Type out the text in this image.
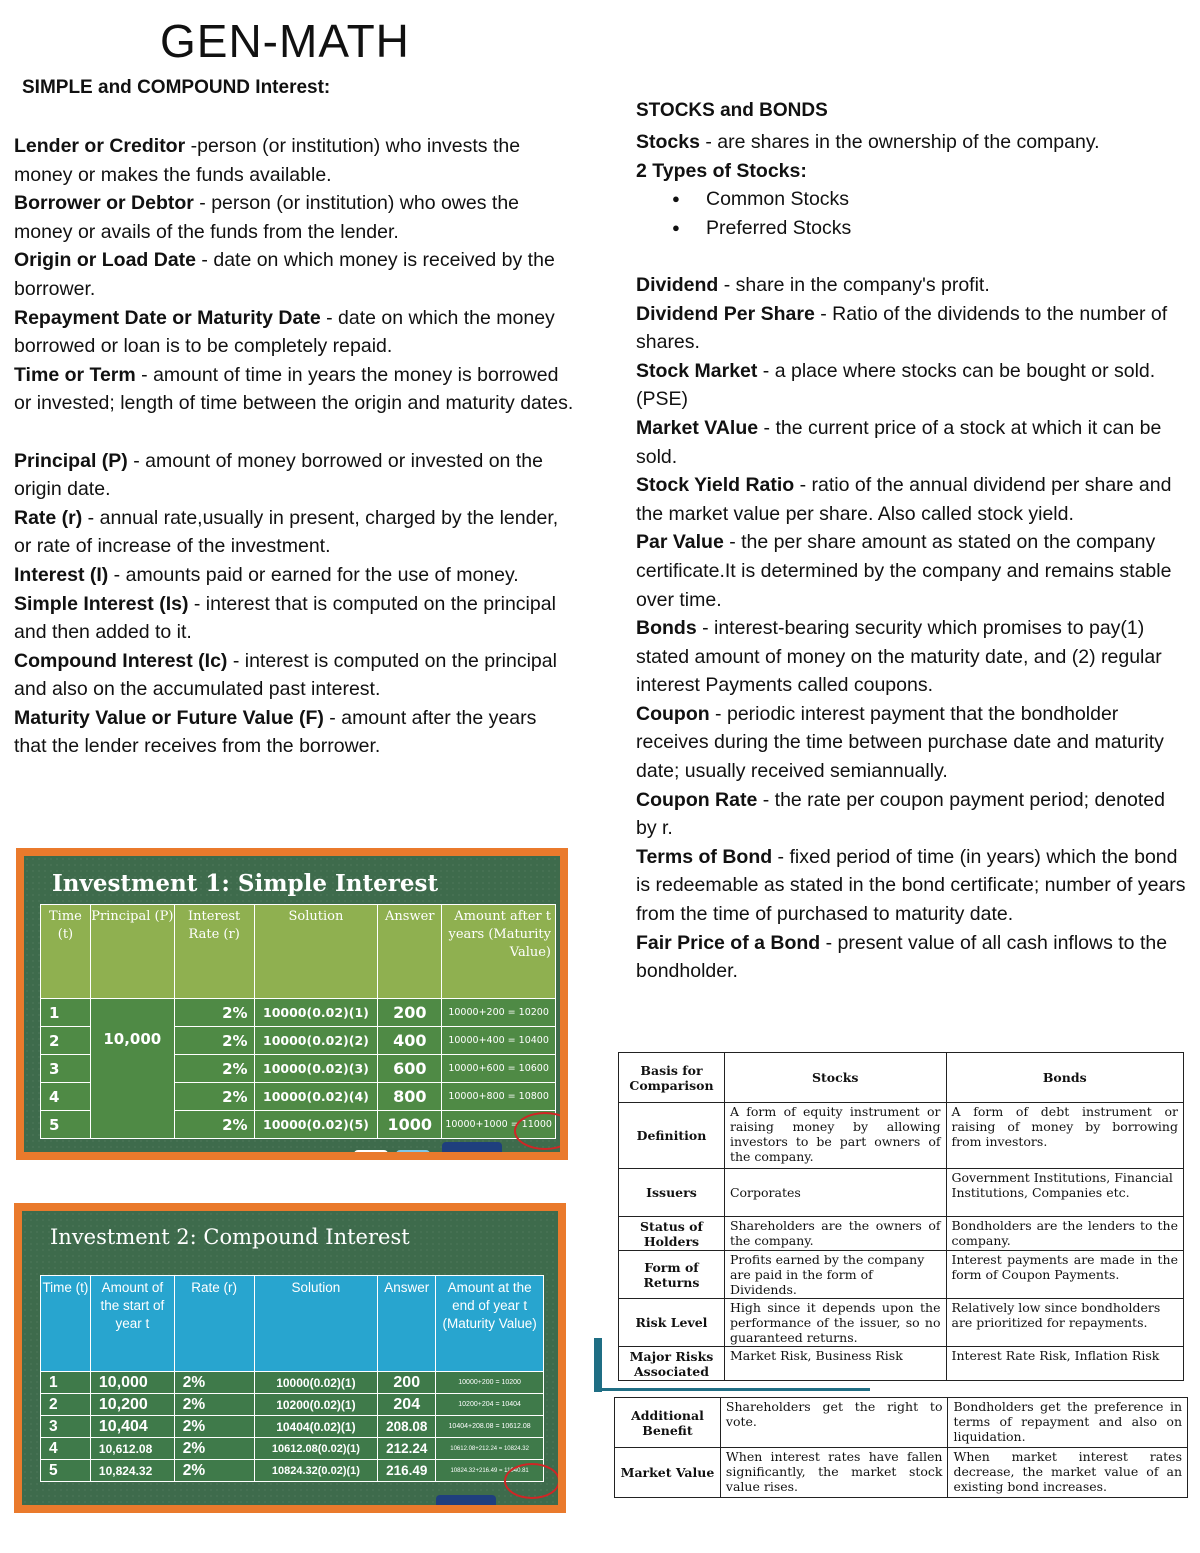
GEN-MATH
SIMPLE and COMPOUND Interest:
Lender or Creditor -person (or institution) who invests the money or makes the funds available.
Borrower or Debtor - person (or institution) who owes the money or avails of the funds from the lender.
Origin or Load Date - date on which money is received by the borrower.
Repayment Date or Maturity Date - date on which the money borrowed or loan is to be completely repaid.
Time or Term - amount of time in years the money is borrowed or invested; length of time between the origin and maturity dates.
Principal (P) - amount of money borrowed or invested on the origin date.
Rate (r) - annual rate,usually in present, charged by the lender, or rate of increase of the investment.
Interest (I) - amounts paid or earned for the use of money.
Simple Interest (Is) - interest that is computed on the principal and then added to it.
Compound Interest (Ic) - interest is computed on the principal and also on the accumulated past interest.
Maturity Value or Future Value (F) - amount after the years that the lender receives from the borrower.
STOCKS and BONDS
Stocks - are shares in the ownership of the company.
2 Types of Stocks:
● Common Stocks
● Preferred Stocks
Dividend - share in the company's profit.
Dividend Per Share - Ratio of the dividends to the number of shares.
Stock Market - a place where stocks can be bought or sold.(PSE)
Market VAlue - the current price of a stock at which it can be sold.
Stock Yield Ratio - ratio of the annual dividend per share and the market value per share. Also called stock yield.
Par Value - the per share amount as stated on the company certificate.It is determined by the company and remains stable over time.
Bonds - interest-bearing security which promises to pay(1) stated amount of money on the maturity date, and (2) regular interest Payments called coupons.
Coupon - periodic interest payment that the bondholder receives during the time between purchase date and maturity date; usually received semiannually.
Coupon Rate - the rate per coupon payment period; denoted by r.
Terms of Bond - fixed period of time (in years) which the bond is redeemable as stated in the bond certificate; number of years from the time of purchased to maturity date.
Fair Price of a Bond - present value of all cash inflows to the bondholder.
Investment 1: Simple Interest
Time (t)	Principal (P)	Interest Rate (r)	Solution	Answer	Amount after t years (Maturity Value)
1	10,000	2%	10000(0.02)(1)	200	10000+200 = 10200
2		2%	10000(0.02)(2)	400	10000+400 = 10400
3		2%	10000(0.02)(3)	600	10000+600 = 10600
4		2%	10000(0.02)(4)	800	10000+800 = 10800
5		2%	10000(0.02)(5)	1000	10000+1000 = 11000
Investment 2: Compound Interest
Time (t)	Amount of the start of year t	Rate (r)	Solution	Answer	Amount at the end of year t (Maturity Value)
1	10,000	2%	10000(0.02)(1)	200	10000+200 = 10200
2	10,200	2%	10200(0.02)(1)	204	10200+204 = 10404
3	10,404	2%	10404(0.02)(1)	208.08	10404+208.08 = 10612.08
4	10,612.08	2%	10612.08(0.02)(1)	212.24	10612.08+212.24 = 10824.32
5	10,824.32	2%	10824.32(0.02)(1)	216.49	10824.32+216.49 = 11040.81
Basis for Comparison	Stocks	Bonds
Definition	A form of equity instrument or raising money by allowing investors to be part owners of the company.	A form of debt instrument or raising of money by borrowing from investors.
Issuers	Corporates	Government Institutions, Financial Institutions, Companies etc.
Status of Holders	Shareholders are the owners of the company.	Bondholders are the lenders to the company.
Form of Returns	Profits earned by the company are paid in the form of Dividends.	Interest payments are made in the form of Coupon Payments.
Risk Level	High since it depends upon the performance of the issuer, so no guaranteed returns.	Relatively low since bondholders are prioritized for repayments.
Major Risks Associated	Market Risk, Business Risk	Interest Rate Risk, Inflation Risk
Additional Benefit	Shareholders get the right to vote.	Bondholders get the preference in terms of repayment and also on liquidation.
Market Value	When interest rates have fallen significantly, the market stock value rises.	When market interest rates decrease, the market value of an existing bond increases.
